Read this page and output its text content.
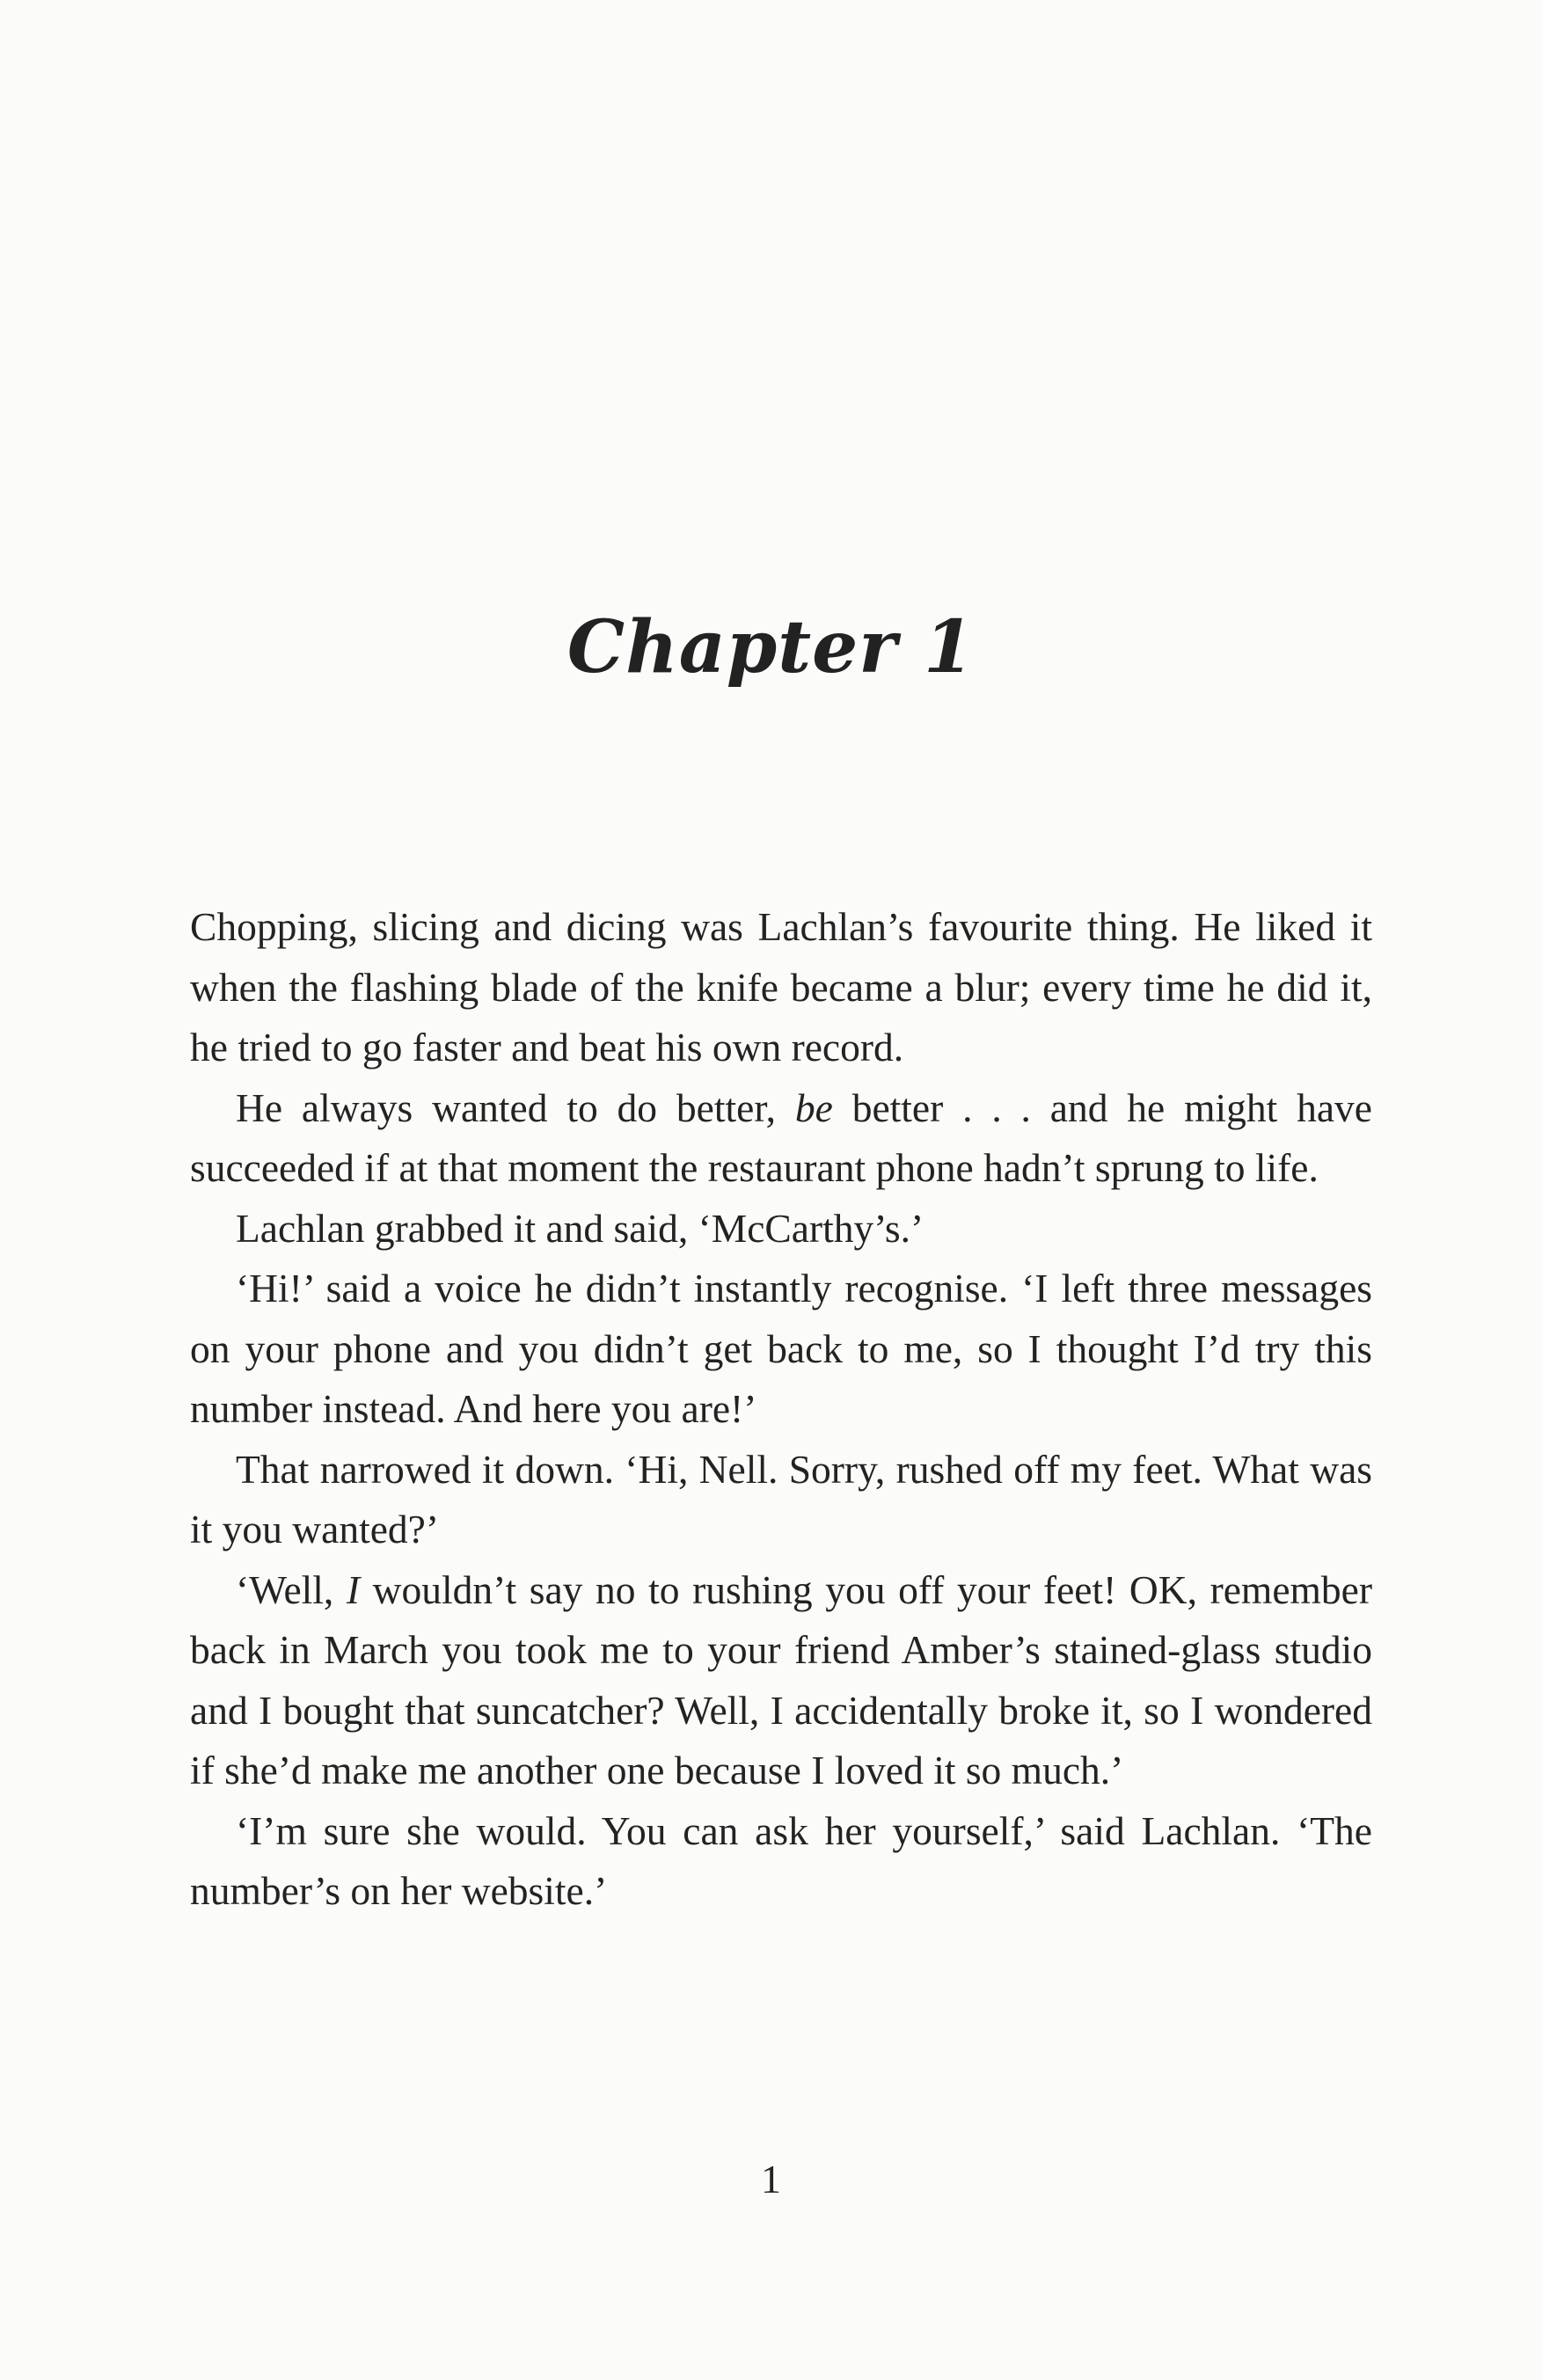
Chapter 1

Chopping, slicing and dicing was Lachlan’s favourite thing. He liked it when the flashing blade of the knife became a blur; every time he did it, he tried to go faster and beat his own record.

He always wanted to do better, be better . . . and he might have succeeded if at that moment the restaurant phone hadn’t sprung to life.

Lachlan grabbed it and said, ‘McCarthy’s.’

‘Hi!’ said a voice he didn’t instantly recognise. ‘I left three messages on your phone and you didn’t get back to me, so I thought I’d try this number instead. And here you are!’

That narrowed it down. ‘Hi, Nell. Sorry, rushed off my feet. What was it you wanted?’

‘Well, I wouldn’t say no to rushing you off your feet! OK, remember back in March you took me to your friend Amber’s stained-glass studio and I bought that suncatcher? Well, I accidentally broke it, so I wondered if she’d make me another one because I loved it so much.’

‘I’m sure she would. You can ask her yourself,’ said Lachlan. ‘The number’s on her website.’

1
